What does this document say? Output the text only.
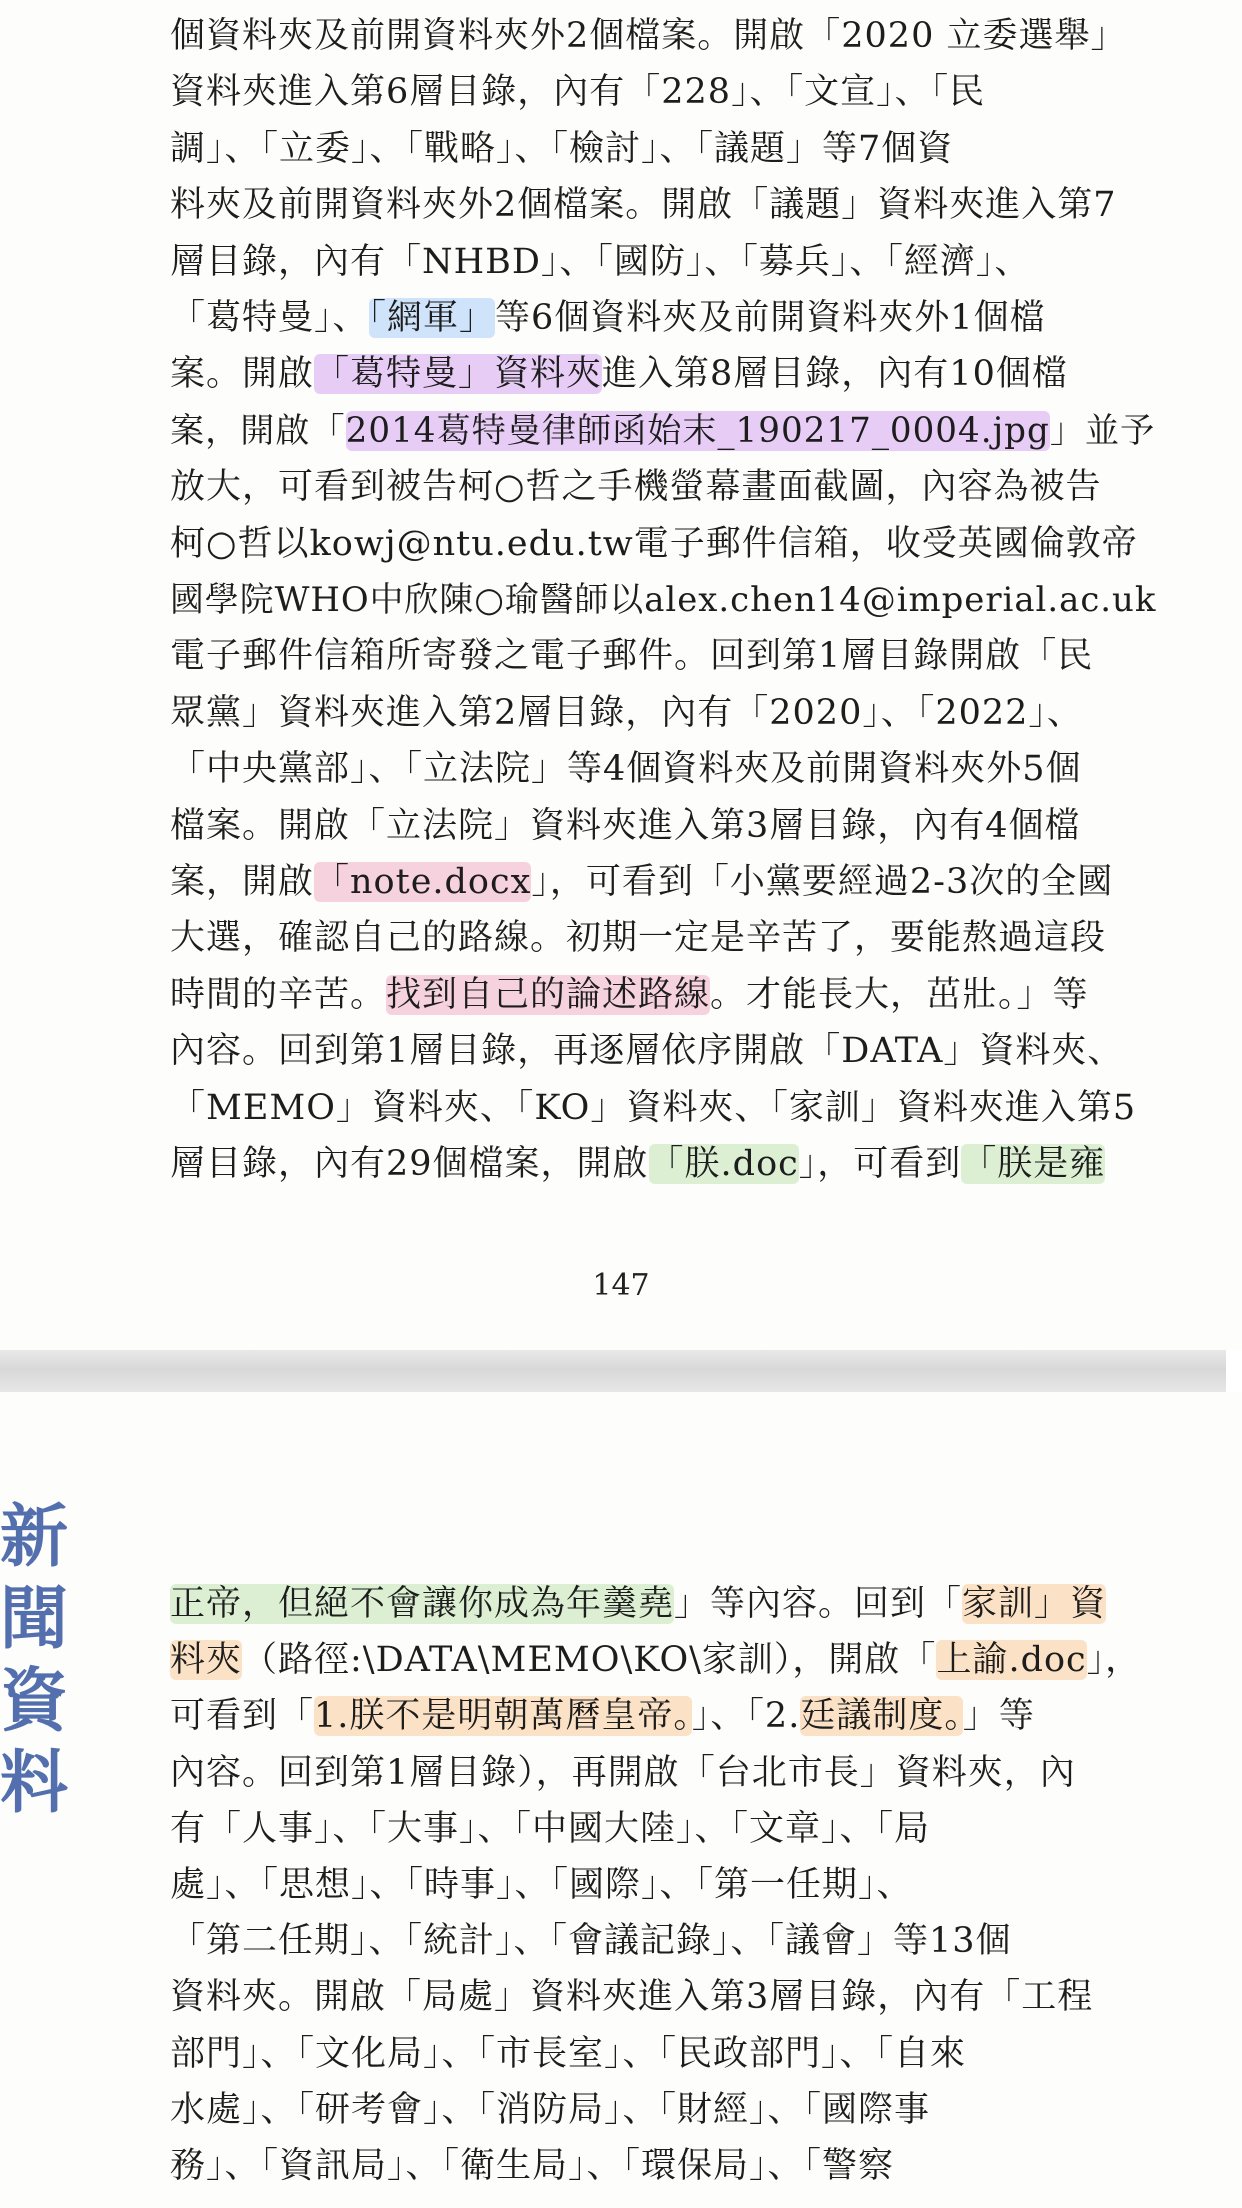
個資料夾及前開資料夾外2個檔案。開啟「2020 立委選舉」
資料夾進入第6層目錄，內有「228」、「文宣」、「民
調」、「立委」、「戰略」、「檢討」、「議題」等7個資
料夾及前開資料夾外2個檔案。開啟「議題」資料夾進入第7
層目錄，內有「NHBD」、「國防」、「募兵」、「經濟」、
「葛特曼」、「網軍」等6個資料夾及前開資料夾外1個檔
案。開啟「葛特曼」資料夾進入第8層目錄，內有10個檔
案，開啟「2014葛特曼律師函始末_190217_0004.jpg」並予
放大，可看到被告柯○哲之手機螢幕畫面截圖，內容為被告
柯○哲以kowj@ntu.edu.tw電子郵件信箱，收受英國倫敦帝
國學院WHO中欣陳○瑜醫師以alex.chen14@imperial.ac.uk
電子郵件信箱所寄發之電子郵件。回到第1層目錄開啟「民
眾黨」資料夾進入第2層目錄，內有「2020」、「2022」、
「中央黨部」、「立法院」等4個資料夾及前開資料夾外5個
檔案。開啟「立法院」資料夾進入第3層目錄，內有4個檔
案，開啟「note.docx」，可看到「小黨要經過2-3次的全國
大選，確認自己的路線。初期一定是辛苦了，要能熬過這段
時間的辛苦。找到自己的論述路線。才能長大，茁壯。」等
內容。回到第1層目錄，再逐層依序開啟「DATA」資料夾、
「MEMO」資料夾、「KO」資料夾、「家訓」資料夾進入第5
層目錄，內有29個檔案，開啟「朕.doc」，可看到「朕是雍
147
新
聞
資
料
正帝，但絕不會讓你成為年羹堯」等內容。回到「家訓」資
料夾（路徑:\DATA\MEMO\KO\家訓），開啟「上諭.doc」，
可看到「1.朕不是明朝萬曆皇帝。」、「2.廷議制度。」等
內容。回到第1層目錄），再開啟「台北市長」資料夾，內
有「人事」、「大事」、「中國大陸」、「文章」、「局
處」、「思想」、「時事」、「國際」、「第一任期」、
「第二任期」、「統計」、「會議記錄」、「議會」等13個
資料夾。開啟「局處」資料夾進入第3層目錄，內有「工程
部門」、「文化局」、「市長室」、「民政部門」、「自來
水處」、「研考會」、「消防局」、「財經」、「國際事
務」、「資訊局」、「衛生局」、「環保局」、「警察
